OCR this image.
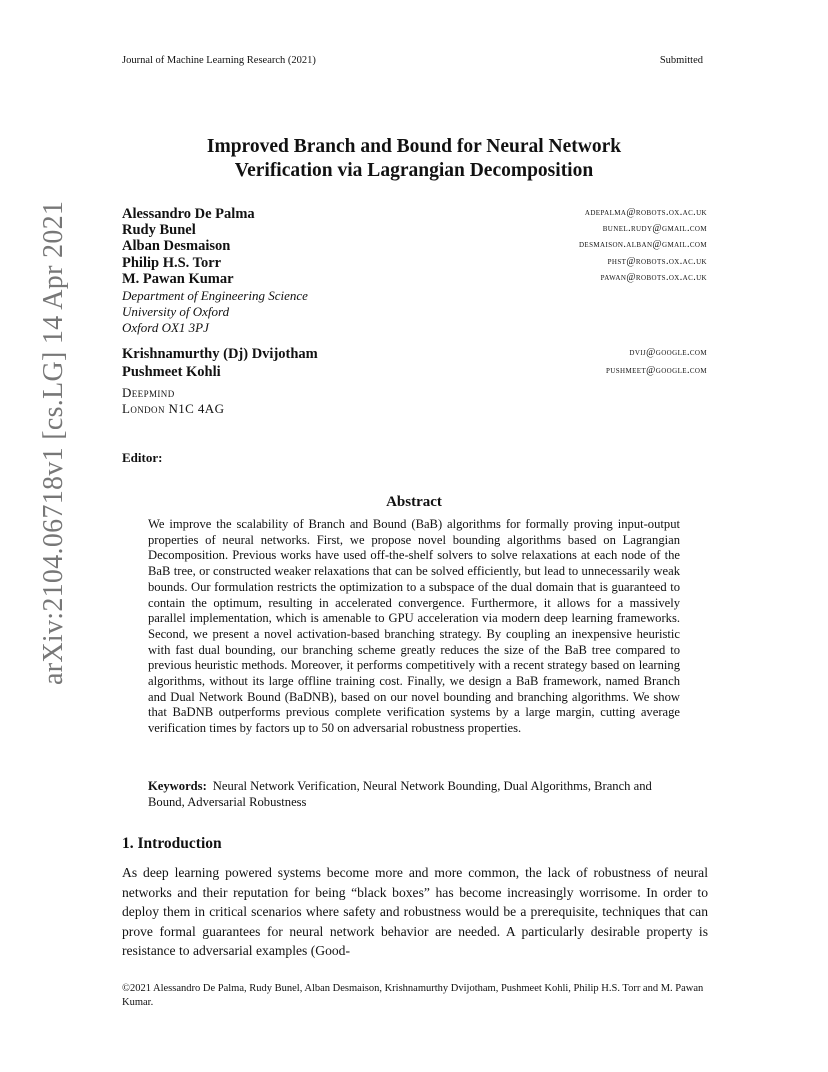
Journal of Machine Learning Research (2021)	Submitted
arXiv:2104.06718v1 [cs.LG] 14 Apr 2021
Improved Branch and Bound for Neural Network
Verification via Lagrangian Decomposition
Alessandro De Palma	adepalma@robots.ox.ac.uk
Rudy Bunel	bunel.rudy@gmail.com
Alban Desmaison	desmaison.alban@gmail.com
Philip H.S. Torr	phst@robots.ox.ac.uk
M. Pawan Kumar	pawan@robots.ox.ac.uk
Department of Engineering Science
University of Oxford
Oxford OX1 3PJ
Krishnamurthy (Dj) Dvijotham	dvij@google.com
Pushmeet Kohli	pushmeet@google.com
Deepmind
London N1C 4AG
Editor:
Abstract
We improve the scalability of Branch and Bound (BaB) algorithms for formally proving input-output properties of neural networks. First, we propose novel bounding algorithms based on Lagrangian Decomposition. Previous works have used off-the-shelf solvers to solve relaxations at each node of the BaB tree, or constructed weaker relaxations that can be solved efficiently, but lead to unnecessarily weak bounds. Our formulation restricts the optimization to a subspace of the dual domain that is guaranteed to contain the optimum, resulting in accelerated convergence. Furthermore, it allows for a massively parallel implementation, which is amenable to GPU acceleration via modern deep learning frameworks. Second, we present a novel activation-based branching strategy. By coupling an inexpensive heuristic with fast dual bounding, our branching scheme greatly reduces the size of the BaB tree compared to previous heuristic methods. Moreover, it performs competitively with a recent strategy based on learning algorithms, without its large offline training cost. Finally, we design a BaB framework, named Branch and Dual Network Bound (BaDNB), based on our novel bounding and branching algorithms. We show that BaDNB outperforms previous complete verification systems by a large margin, cutting average verification times by factors up to 50 on adversarial robustness properties.
Keywords: Neural Network Verification, Neural Network Bounding, Dual Algorithms, Branch and Bound, Adversarial Robustness
1. Introduction
As deep learning powered systems become more and more common, the lack of robustness of neural networks and their reputation for being “black boxes” has become increasingly worrisome. In order to deploy them in critical scenarios where safety and robustness would be a prerequisite, techniques that can prove formal guarantees for neural network behavior are needed. A particularly desirable property is resistance to adversarial examples (Good-
©2021 Alessandro De Palma, Rudy Bunel, Alban Desmaison, Krishnamurthy Dvijotham, Pushmeet Kohli, Philip H.S. Torr and M. Pawan Kumar.
